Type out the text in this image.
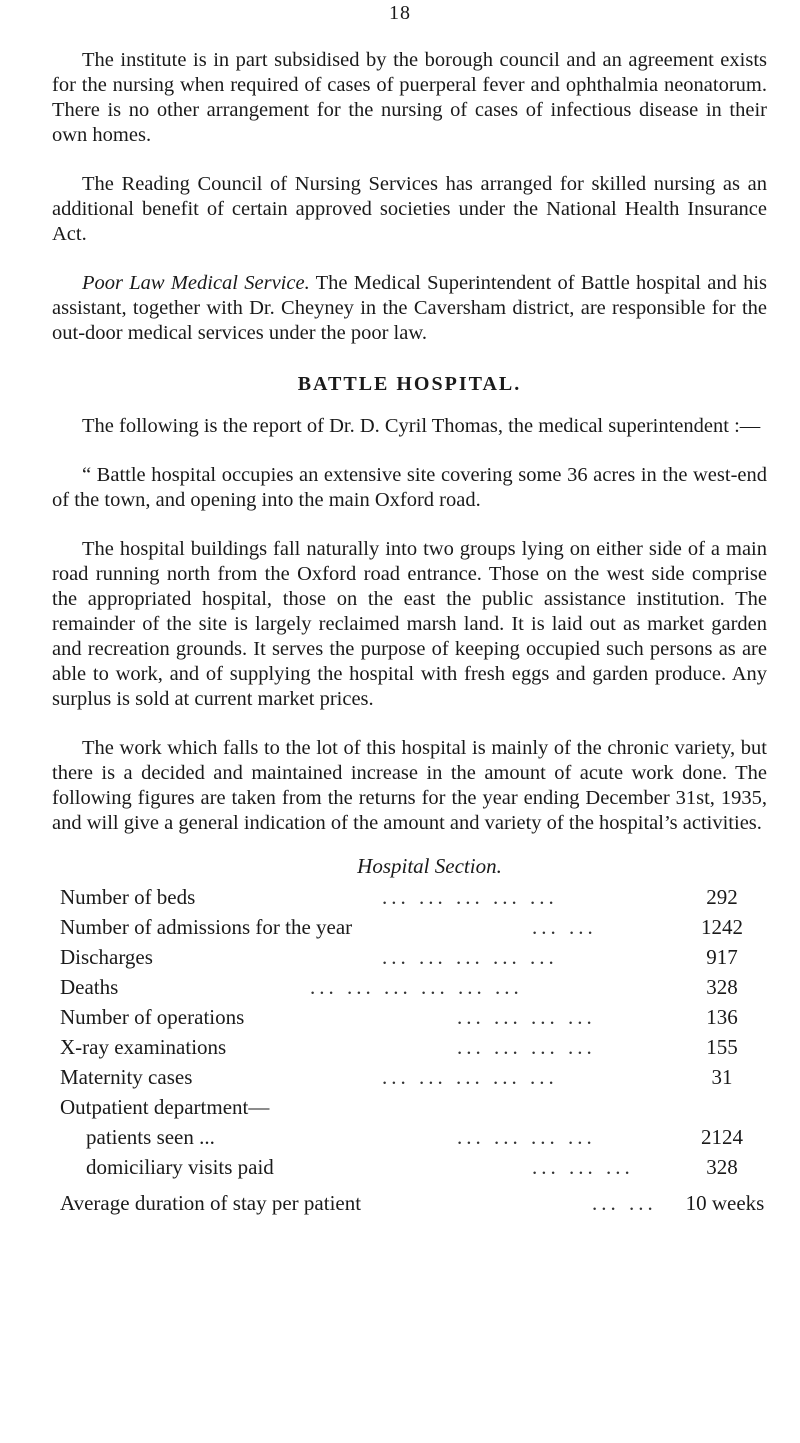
18

The institute is in part subsidised by the borough council and an agreement exists for the nursing when required of cases of puerperal fever and ophthalmia neonatorum. There is no other arrangement for the nursing of cases of infectious disease in their own homes.

The Reading Council of Nursing Services has arranged for skilled nursing as an additional benefit of certain approved societies under the National Health Insurance Act.

Poor Law Medical Service. The Medical Superintendent of Battle hospital and his assistant, together with Dr. Cheyney in the Caversham district, are responsible for the out-door medical services under the poor law.

BATTLE HOSPITAL.

The following is the report of Dr. D. Cyril Thomas, the medical superintendent :—

“ Battle hospital occupies an extensive site covering some 36 acres in the west-end of the town, and opening into the main Oxford road.

The hospital buildings fall naturally into two groups lying on either side of a main road running north from the Oxford road entrance. Those on the west side comprise the appropriated hospital, those on the east the public assistance institution. The remainder of the site is largely reclaimed marsh land. It is laid out as market garden and recreation grounds. It serves the purpose of keeping occupied such persons as are able to work, and of supplying the hospital with fresh eggs and garden produce. Any surplus is sold at current market prices.

The work which falls to the lot of this hospital is mainly of the chronic variety, but there is a decided and maintained increase in the amount of acute work done. The following figures are taken from the returns for the year ending December 31st, 1935, and will give a general indication of the amount and variety of the hospital’s activities.

Hospital Section.
Number of beds	... ... ... ... ...	292
Number of admissions for the year	... ...	1242
Discharges	... ... ... ... ...	917
Deaths	... ... ... ... ... ...	328
Number of operations	... ... ... ...	136
X-ray examinations	... ... ... ...	155
Maternity cases	... ... ... ... ...	31
Outpatient department—
patients seen ...	... ... ... ...	2124
domiciliary visits paid	... ... ...	328
Average duration of stay per patient	... ...	10 weeks
